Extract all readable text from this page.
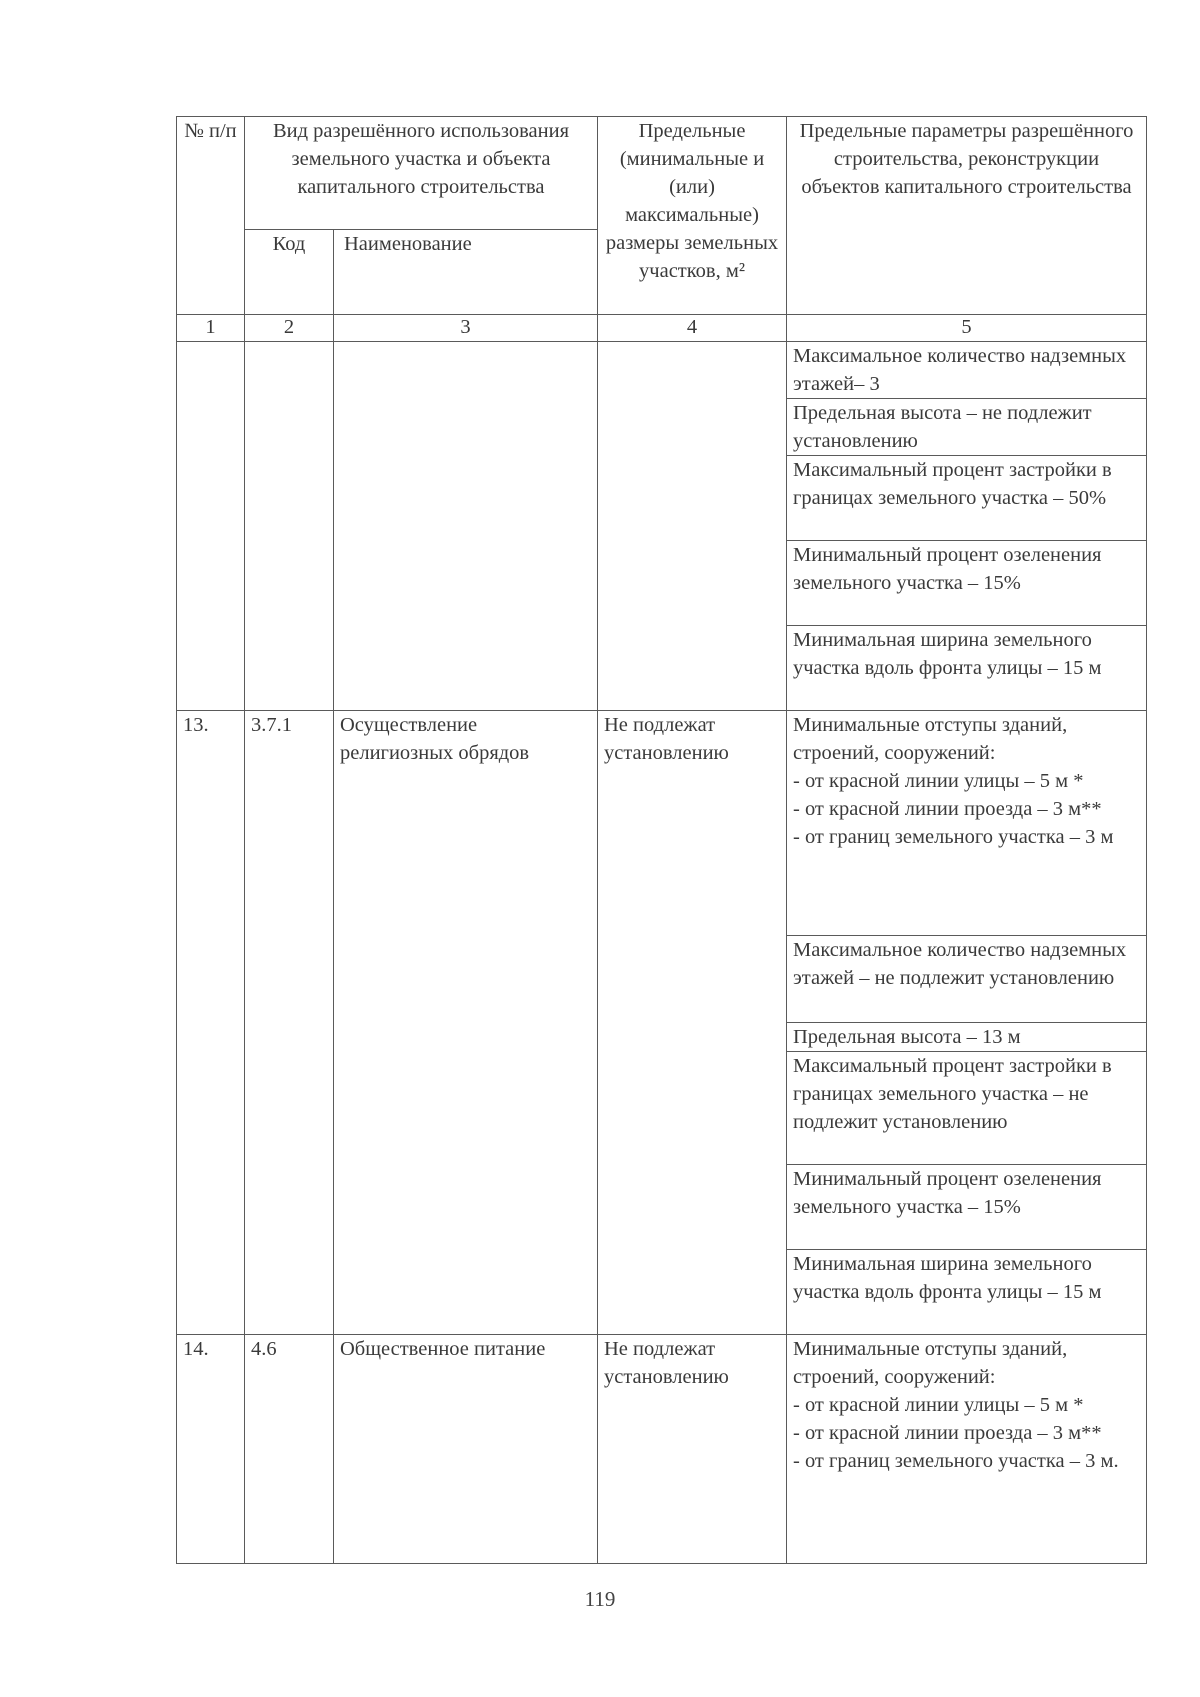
№ п/п	Вид разрешённого использования земельного участка и объекта капитального строительства		Предельные (минимальные и (или) максимальные) размеры земельных участков, м²	Предельные параметры разрешённого строительства, реконструкции объектов капитального строительства
	Код	Наименование		
1	2	3	4	5
				Максимальное количество надземных этажей– 3
				Предельная высота – не подлежит установлению
				Максимальный процент застройки в границах земельного участка – 50%
				Минимальный процент озеленения земельного участка – 15%
				Минимальная ширина земельного участка вдоль фронта улицы – 15 м
13.	3.7.1	Осуществление религиозных обрядов	Не подлежат установлению	Минимальные отступы зданий, строений, сооружений:
- от красной линии улицы – 5 м *
- от красной линии проезда – 3 м**
- от границ земельного участка – 3 м

				Максимальное количество надземных этажей – не подлежит установлению
				Предельная высота – 13 м
				Максимальный процент застройки в границах земельного участка – не подлежит установлению
				Минимальный процент озеленения земельного участка – 15%
				Минимальная ширина земельного участка вдоль фронта улицы – 15 м
14.	4.6	Общественное питание	Не подлежат установлению	Минимальные отступы зданий, строений, сооружений:
- от красной линии улицы – 5 м *
- от красной линии проезда – 3 м**
- от границ земельного участка – 3 м.
119
